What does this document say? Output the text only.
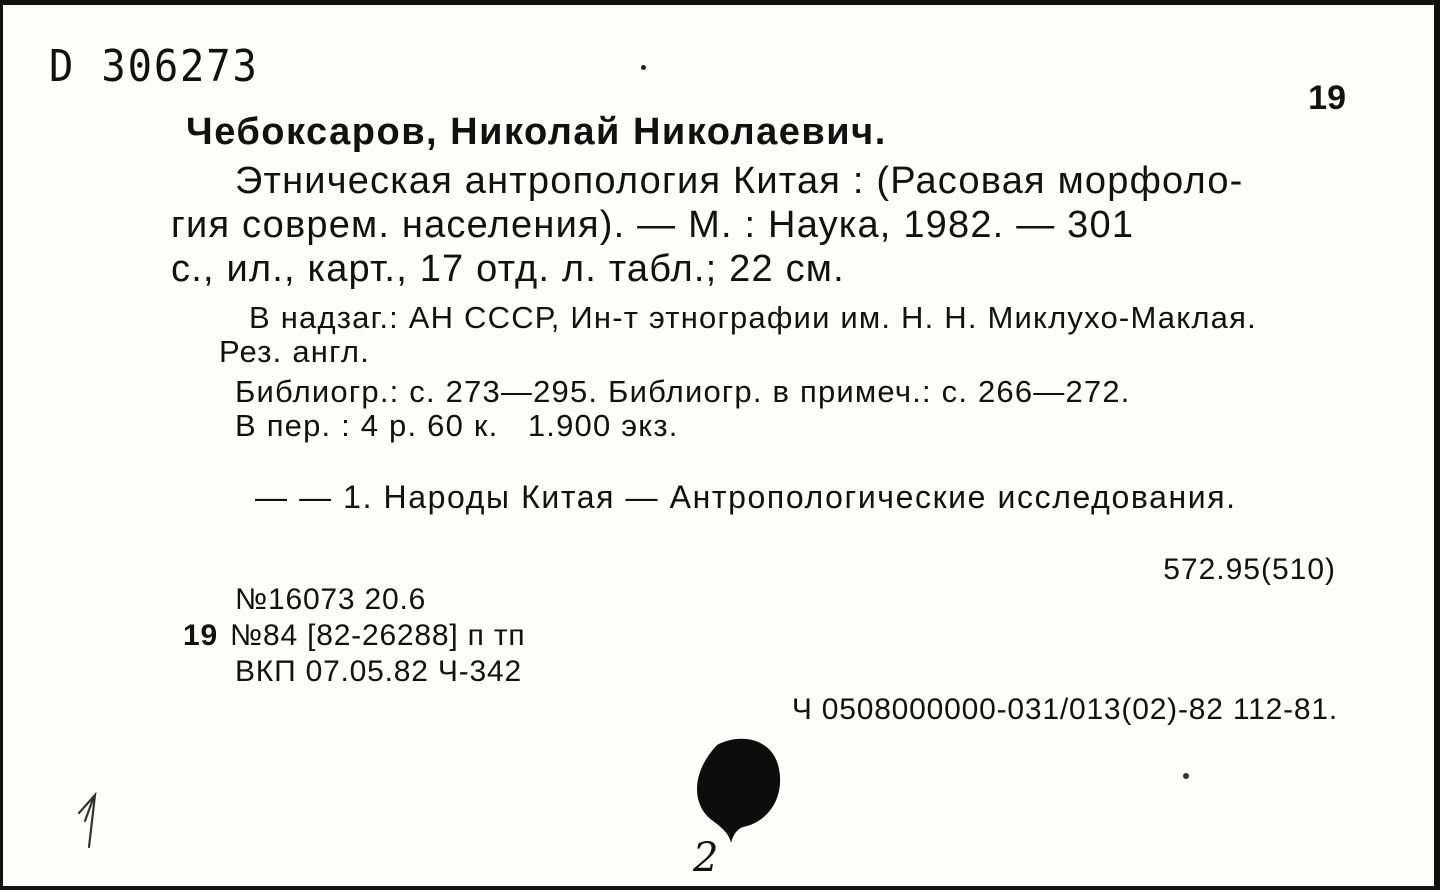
D 306273
19
Чебоксаров, Николай Николаевич.
Этническая антропология Китая : (Расовая морфоло-
гия соврем. населения). — М. : Наука, 1982. — 301
с., ил., карт., 17 отд. л. табл.; 22 см.
В надзаг.: АН СССР, Ин-т этнографии им. Н. Н. Миклухо-Маклая.
Рез. англ.
Библиогр.: с. 273—295. Библиогр. в примеч.: с. 266—272.
В пер. : 4 р. 60 к.   1.900 экз.
— — 1. Народы Китая — Антропологические исследования.
572.95(510)
№16073 20.6
19 №84 [82-26288] п тп
ВКП 07.05.82 Ч-342
Ч 0508000000-031/013(02)-82 112-81.
2
1
